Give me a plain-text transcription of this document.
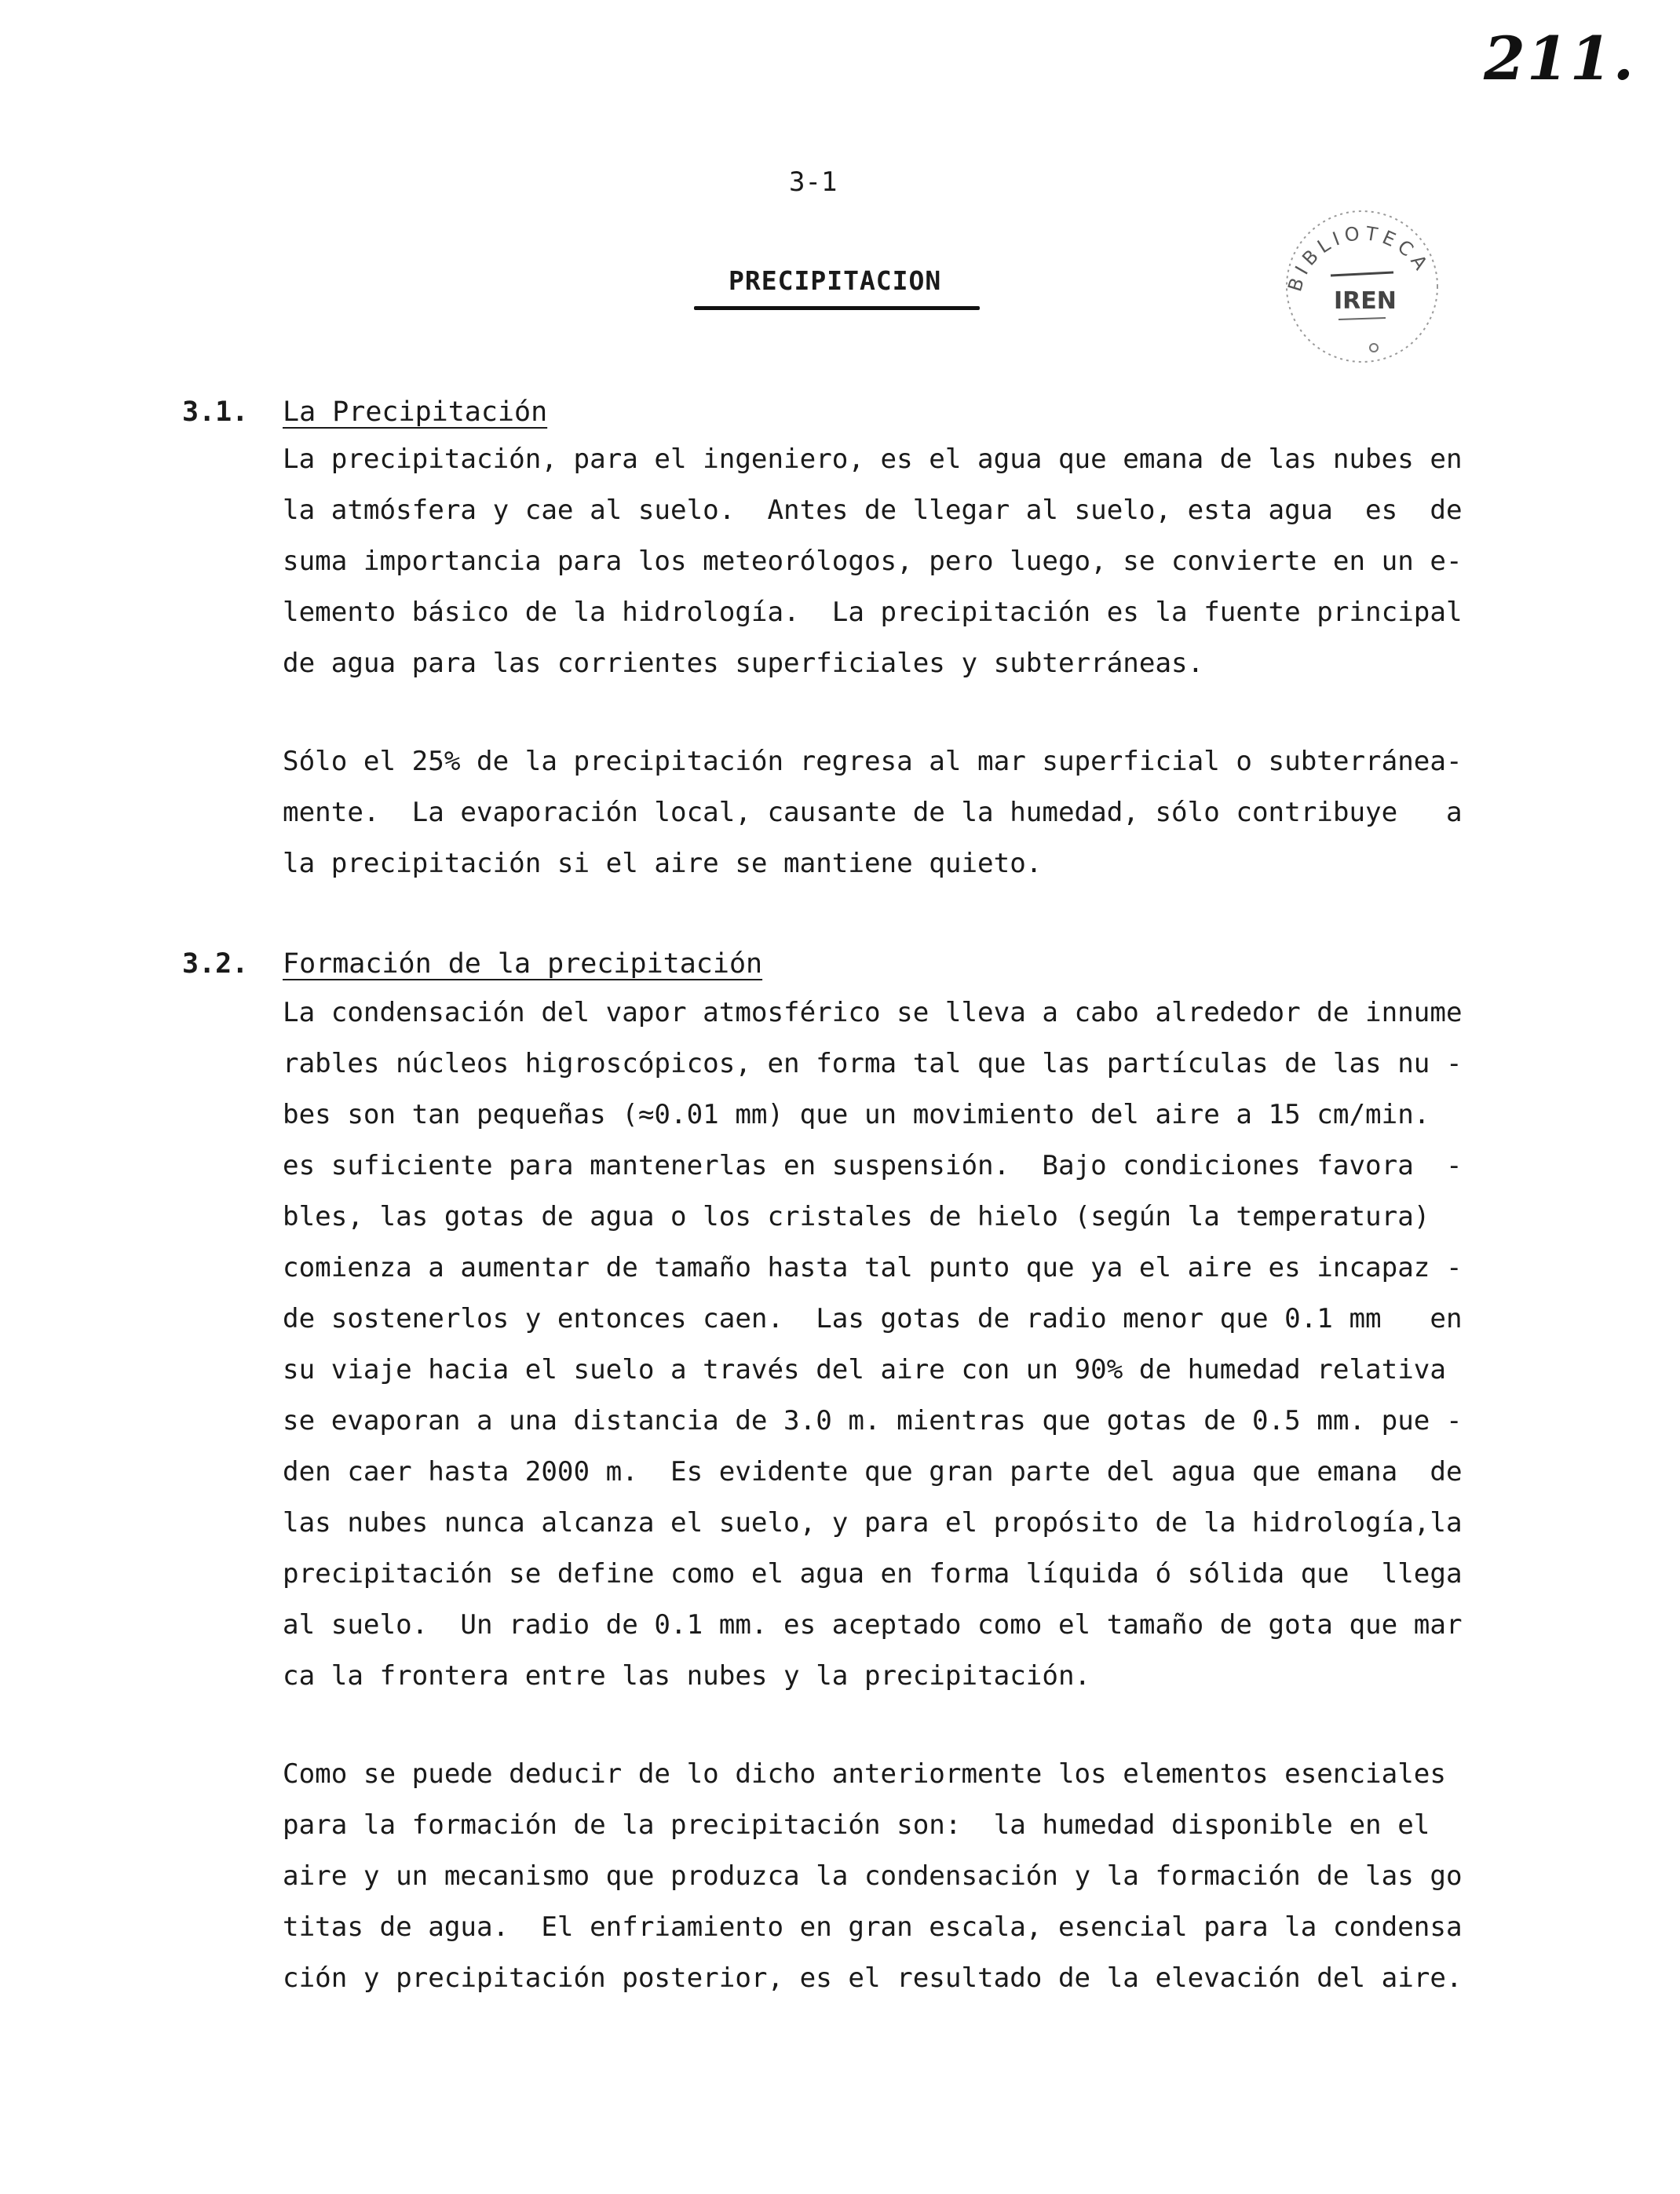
211.
3-1
PRECIPITACION	BIBLIOTECA
IREN
3.1. La Precipitación
La precipitación, para el ingeniero, es el agua que emana de las nubes en
la atmósfera y cae al suelo.  Antes de llegar al suelo, esta agua  es  de
suma importancia para los meteorólogos, pero luego, se convierte en un e-
lemento básico de la hidrología.  La precipitación es la fuente principal
de agua para las corrientes superficiales y subterráneas.
Sólo el 25% de la precipitación regresa al mar superficial o subterránea-
mente.  La evaporación local, causante de la humedad, sólo contribuye   a
la precipitación si el aire se mantiene quieto.
3.2. Formación de la precipitación
La condensación del vapor atmosférico se lleva a cabo alrededor de innume
rables núcleos higroscópicos, en forma tal que las partículas de las nu -
bes son tan pequeñas (≈0.01 mm) que un movimiento del aire a 15 cm/min.
es suficiente para mantenerlas en suspensión.  Bajo condiciones favora  -
bles, las gotas de agua o los cristales de hielo (según la temperatura)
comienza a aumentar de tamaño hasta tal punto que ya el aire es incapaz -
de sostenerlos y entonces caen.  Las gotas de radio menor que 0.1 mm   en
su viaje hacia el suelo a través del aire con un 90% de humedad relativa
se evaporan a una distancia de 3.0 m. mientras que gotas de 0.5 mm. pue -
den caer hasta 2000 m.  Es evidente que gran parte del agua que emana  de
las nubes nunca alcanza el suelo, y para el propósito de la hidrología,la
precipitación se define como el agua en forma líquida ó sólida que  llega
al suelo.  Un radio de 0.1 mm. es aceptado como el tamaño de gota que mar
ca la frontera entre las nubes y la precipitación.
Como se puede deducir de lo dicho anteriormente los elementos esenciales
para la formación de la precipitación son:  la humedad disponible en el
aire y un mecanismo que produzca la condensación y la formación de las go
titas de agua.  El enfriamiento en gran escala, esencial para la condensa
ción y precipitación posterior, es el resultado de la elevación del aire.
